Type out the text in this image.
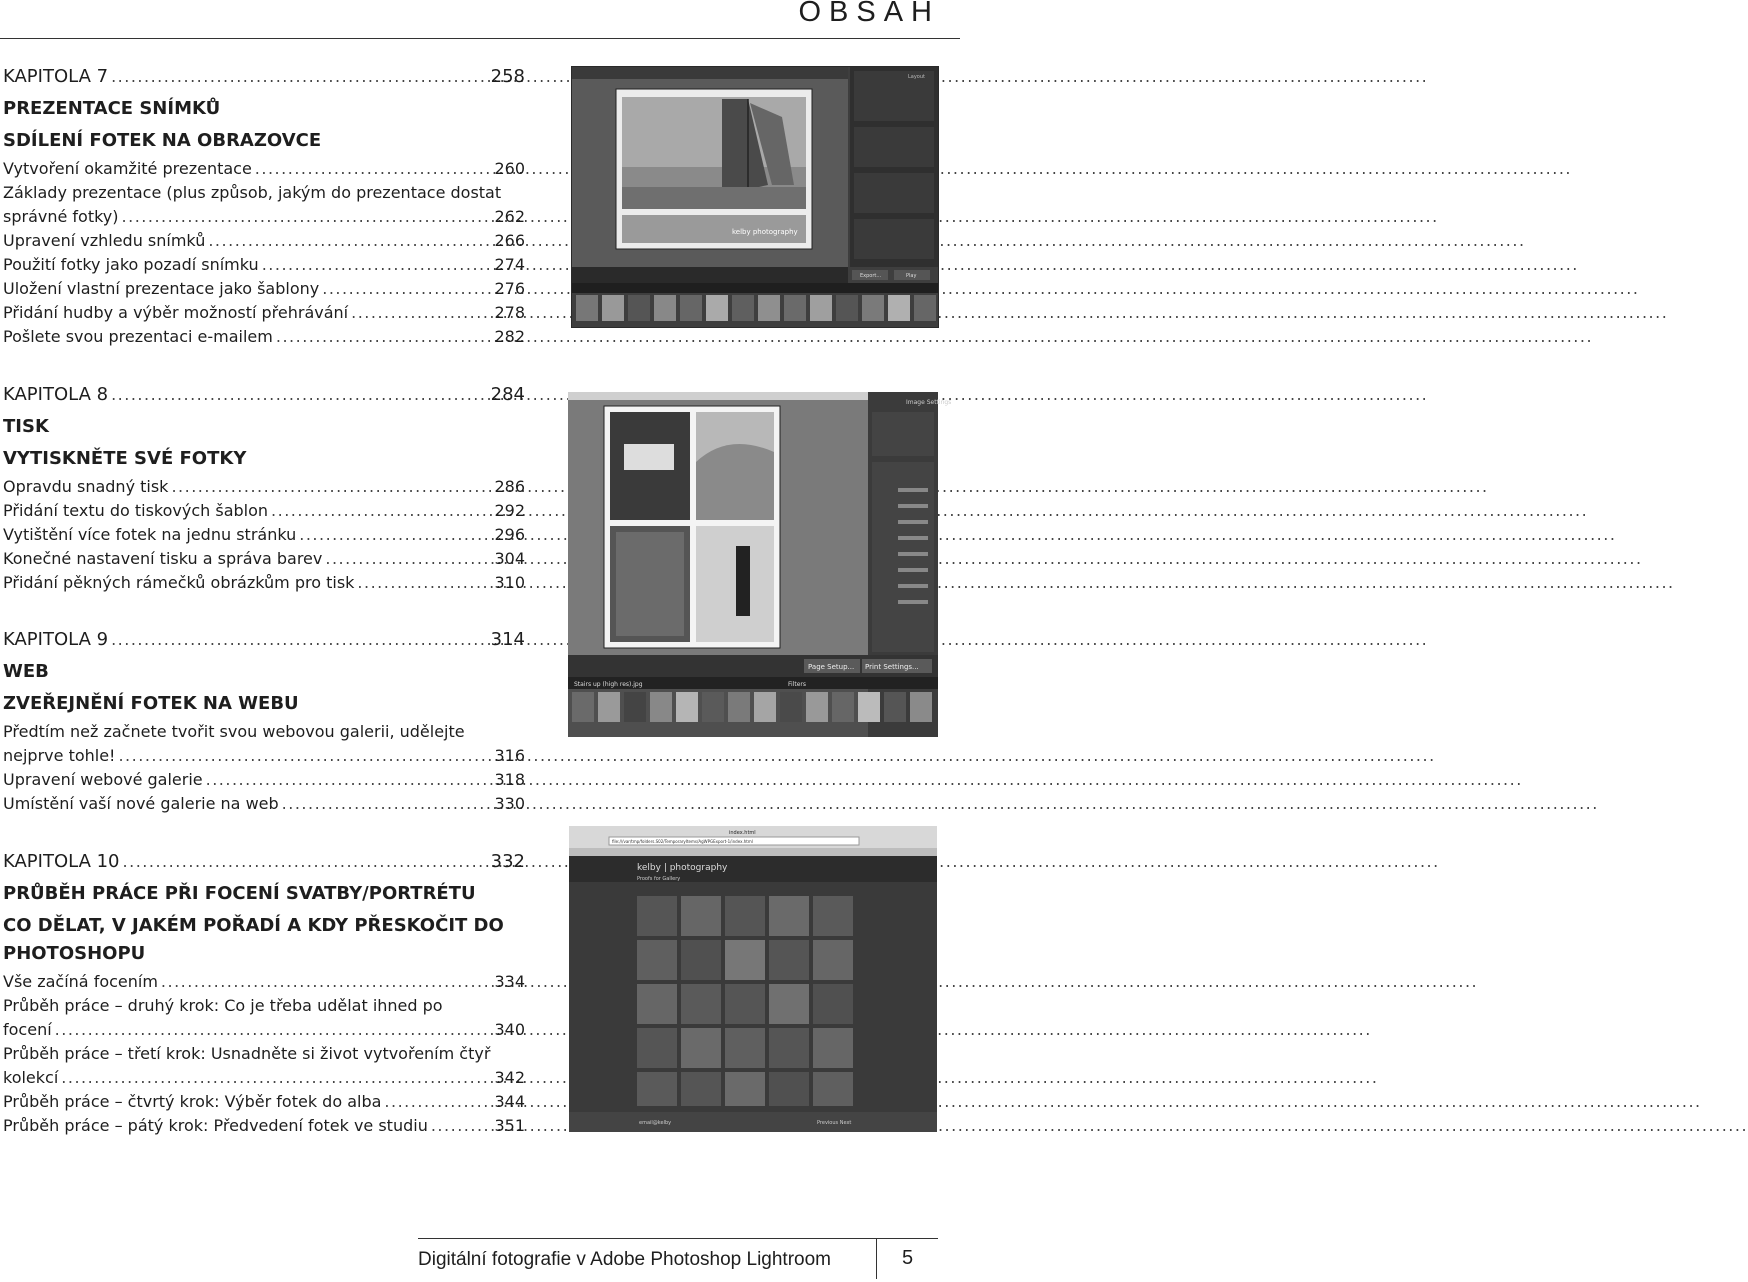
OBSAH
KAPITOLA 7 .....	258
PREZENTACE SNÍMKŮ
SDÍLENÍ FOTEK NA OBRAZOVCE
Vytvoření okamžité prezentace .....	260
Základy prezentace (plus způsob, jakým do prezentace dostat
správné fotky) .....	262
Upravení vzhledu snímků .....	266
Použití fotky jako pozadí snímku .....	274
Uložení vlastní prezentace jako šablony .....	276
Přidání hudby a výběr možností přehrávání .....	278
Pošlete svou prezentaci e-mailem .....	282
KAPITOLA 8 .....	284
TISK
VYTISKNĚTE SVÉ FOTKY
Opravdu snadný tisk .....	286
Přidání textu do tiskových šablon .....	292
Vytištění více fotek na jednu stránku .....	296
Konečné nastavení tisku a správa barev .....	304
Přidání pěkných rámečků obrázkům pro tisk .....	310
KAPITOLA 9 .....	314
WEB
ZVEŘEJNĚNÍ FOTEK NA WEBU
Předtím než začnete tvořit svou webovou galerii, udělejte
nejprve tohle! .....	316
Upravení webové galerie .....	318
Umístění vaší nové galerie na web .....	330
KAPITOLA 10 .....	332
PRŮBĚH PRÁCE PŘI FOCENÍ SVATBY/PORTRÉTU
CO DĚLAT, V JAKÉM POŘADÍ A KDY PŘESKOČIT DO PHOTOSHOPU
Vše začíná focením .....	334
Průběh práce – druhý krok: Co je třeba udělat ihned po
focení .....	340
Průběh práce – třetí krok: Usnadněte si život vytvořením čtyř
kolekcí .....	342
Průběh práce – čtvrtý krok: Výběr fotek do alba .....	344
Průběh práce – pátý krok: Předvedení fotek ve studiu .....	351
kelby photography
Layout
Export...	Play
Image Settings
Page Setup... Print Settings...
Stairs up (high res).jpg	Filters
index.html
file:///var/tmp/folders.S02/TemporaryItems/AgWPGExport-1/index.html
kelby | photography
Proofs for Gallery
email@kelby	Previous Next
Digitální fotografie v Adobe Photoshop Lightroom	5
